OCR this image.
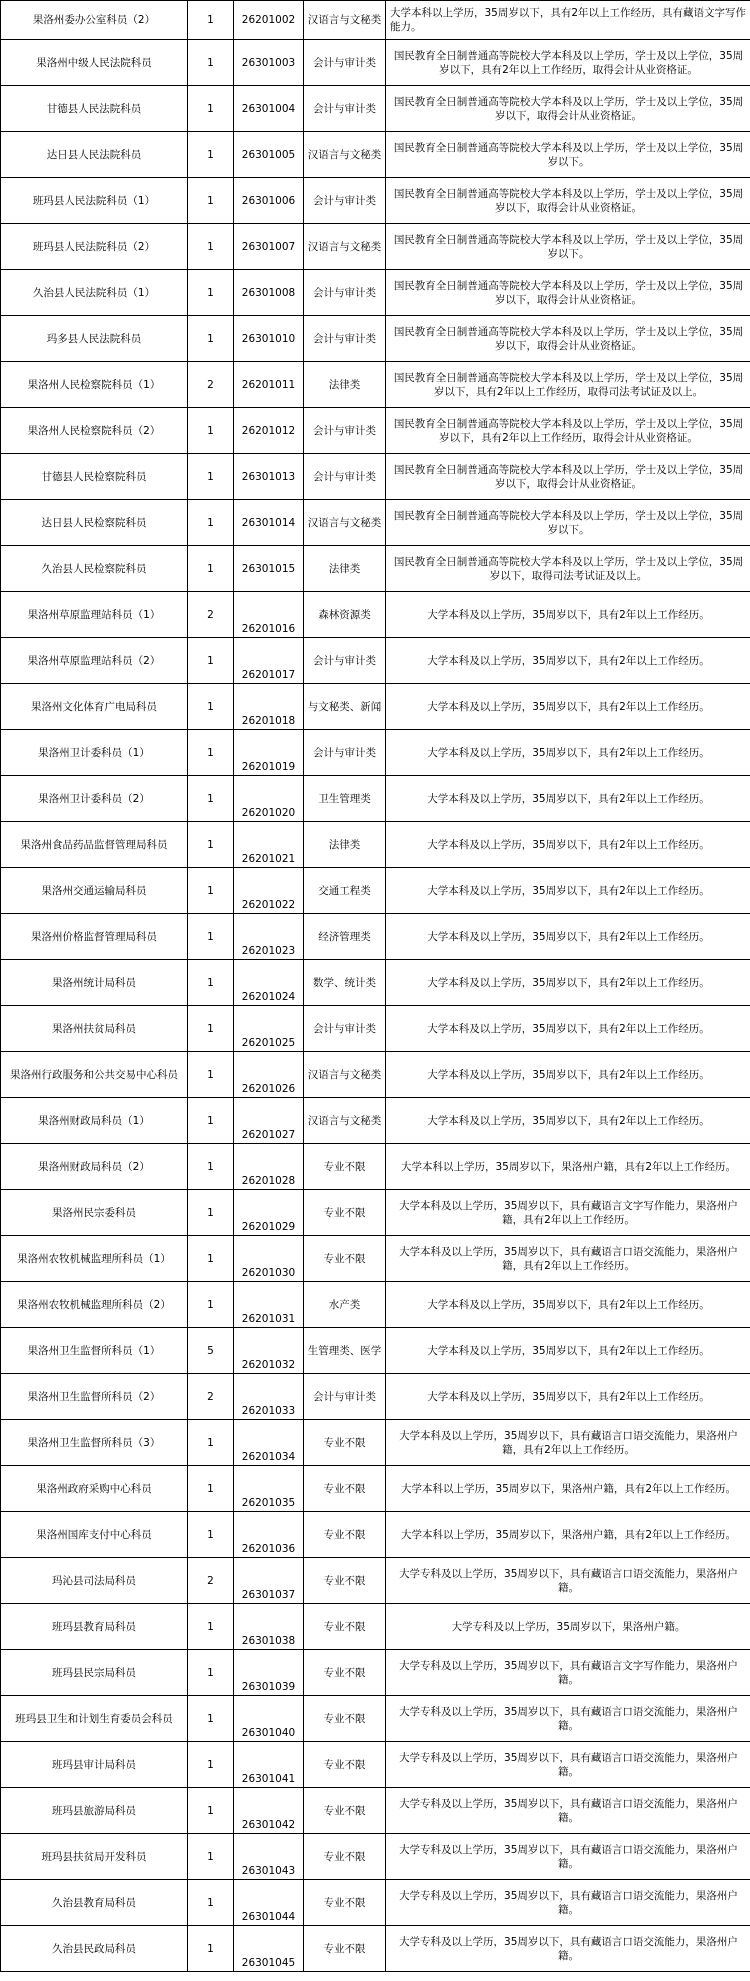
果洛州委办公室科员（2）	1	26201002	汉语言与文秘类	大学本科以上学历，35周岁以下，具有2年以上工作经历，具有藏语文字写作能力。
果洛州中级人民法院科员	1	26301003	会计与审计类	国民教育全日制普通高等院校大学本科及以上学历，学士及以上学位，35周岁以下，具有2年以上工作经历，取得会计从业资格证。
甘德县人民法院科员	1	26301004	会计与审计类	国民教育全日制普通高等院校大学本科及以上学历，学士及以上学位，35周岁以下，取得会计从业资格证。
达日县人民法院科员	1	26301005	汉语言与文秘类	国民教育全日制普通高等院校大学本科及以上学历，学士及以上学位，35周岁以下。
班玛县人民法院科员（1）	1	26301006	会计与审计类	国民教育全日制普通高等院校大学本科及以上学历，学士及以上学位，35周岁以下，取得会计从业资格证。
班玛县人民法院科员（2）	1	26301007	汉语言与文秘类	国民教育全日制普通高等院校大学本科及以上学历，学士及以上学位，35周岁以下。
久治县人民法院科员（1）	1	26301008	会计与审计类	国民教育全日制普通高等院校大学本科及以上学历，学士及以上学位，35周岁以下，取得会计从业资格证。
玛多县人民法院科员	1	26301010	会计与审计类	国民教育全日制普通高等院校大学本科及以上学历，学士及以上学位，35周岁以下，取得会计从业资格证。
果洛州人民检察院科员（1）	2	26201011	法律类	国民教育全日制普通高等院校大学本科及以上学历，学士及以上学位，35周岁以下，具有2年以上工作经历，取得司法考试证及以上。
果洛州人民检察院科员（2）	1	26201012	会计与审计类	国民教育全日制普通高等院校大学本科及以上学历，学士及以上学位，35周岁以下，具有2年以上工作经历，取得会计从业资格证。
甘德县人民检察院科员	1	26301013	会计与审计类	国民教育全日制普通高等院校大学本科及以上学历，学士及以上学位，35周岁以下，取得会计从业资格证。
达日县人民检察院科员	1	26301014	汉语言与文秘类	国民教育全日制普通高等院校大学本科及以上学历，学士及以上学位，35周岁以下。
久治县人民检察院科员	1	26301015	法律类	国民教育全日制普通高等院校大学本科及以上学历，学士及以上学位，35周岁以下，取得司法考试证及以上。
果洛州草原监理站科员（1）	2	26201016	森林资源类	大学本科及以上学历，35周岁以下，具有2年以上工作经历。
果洛州草原监理站科员（2）	1	26201017	会计与审计类	大学本科及以上学历，35周岁以下，具有2年以上工作经历。
果洛州文化体育广电局科员	1	26201018	与文秘类、新闻	大学本科及以上学历，35周岁以下，具有2年以上工作经历。
果洛州卫计委科员（1）	1	26201019	会计与审计类	大学本科及以上学历，35周岁以下，具有2年以上工作经历。
果洛州卫计委科员（2）	1	26201020	卫生管理类	大学本科及以上学历，35周岁以下，具有2年以上工作经历。
果洛州食品药品监督管理局科员	1	26201021	法律类	大学本科及以上学历，35周岁以下，具有2年以上工作经历。
果洛州交通运输局科员	1	26201022	交通工程类	大学本科及以上学历，35周岁以下，具有2年以上工作经历。
果洛州价格监督管理局科员	1	26201023	经济管理类	大学本科及以上学历，35周岁以下，具有2年以上工作经历。
果洛州统计局科员	1	26201024	数学、统计类	大学本科及以上学历，35周岁以下，具有2年以上工作经历。
果洛州扶贫局科员	1	26201025	会计与审计类	大学本科及以上学历，35周岁以下，具有2年以上工作经历。
果洛州行政服务和公共交易中心科员	1	26201026	汉语言与文秘类	大学本科及以上学历，35周岁以下，具有2年以上工作经历。
果洛州财政局科员（1）	1	26201027	汉语言与文秘类	大学本科及以上学历，35周岁以下，具有2年以上工作经历。
果洛州财政局科员（2）	1	26201028	专业不限	大学本科以上学历，35周岁以下，果洛州户籍，具有2年以上工作经历。
果洛州民宗委科员	1	26201029	专业不限	大学本科及以上学历，35周岁以下，具有藏语言文字写作能力，果洛州户籍，具有2年以上工作经历。
果洛州农牧机械监理所科员（1）	1	26201030	专业不限	大学本科及以上学历，35周岁以下，具有藏语言口语交流能力，果洛州户籍，具有2年以上工作经历。
果洛州农牧机械监理所科员（2）	1	26201031	水产类	大学本科及以上学历，35周岁以下，具有2年以上工作经历。
果洛州卫生监督所科员（1）	5	26201032	生管理类、医学	大学本科及以上学历，35周岁以下，具有2年以上工作经历。
果洛州卫生监督所科员（2）	2	26201033	会计与审计类	大学本科及以上学历，35周岁以下，具有2年以上工作经历。
果洛州卫生监督所科员（3）	1	26201034	专业不限	大学本科及以上学历，35周岁以下，具有藏语言口语交流能力，果洛州户籍，具有2年以上工作经历。
果洛州政府采购中心科员	1	26201035	专业不限	大学本科以上学历，35周岁以下，果洛州户籍，具有2年以上工作经历。
果洛州国库支付中心科员	1	26201036	专业不限	大学本科以上学历，35周岁以下，果洛州户籍，具有2年以上工作经历。
玛沁县司法局科员	2	26301037	专业不限	大学专科及以上学历，35周岁以下，具有藏语言口语交流能力，果洛州户籍。
班玛县教育局科员	1	26301038	专业不限	大学专科及以上学历，35周岁以下，果洛州户籍。
班玛县民宗局科员	1	26301039	专业不限	大学专科及以上学历，35周岁以下，具有藏语言文字写作能力，果洛州户籍。
班玛县卫生和计划生育委员会科员	1	26301040	专业不限	大学专科及以上学历，35周岁以下，具有藏语言口语交流能力，果洛州户籍。
班玛县审计局科员	1	26301041	专业不限	大学专科及以上学历，35周岁以下，具有藏语言口语交流能力，果洛州户籍。
班玛县旅游局科员	1	26301042	专业不限	大学专科及以上学历，35周岁以下，具有藏语言口语交流能力，果洛州户籍。
班玛县扶贫局开发科员	1	26301043	专业不限	大学专科及以上学历，35周岁以下，具有藏语言口语交流能力，果洛州户籍。
久治县教育局科员	1	26301044	专业不限	大学专科及以上学历，35周岁以下，具有藏语言口语交流能力，果洛州户籍。
久治县民政局科员	1	26301045	专业不限	大学专科及以上学历，35周岁以下，具有藏语言口语交流能力，果洛州户籍。
